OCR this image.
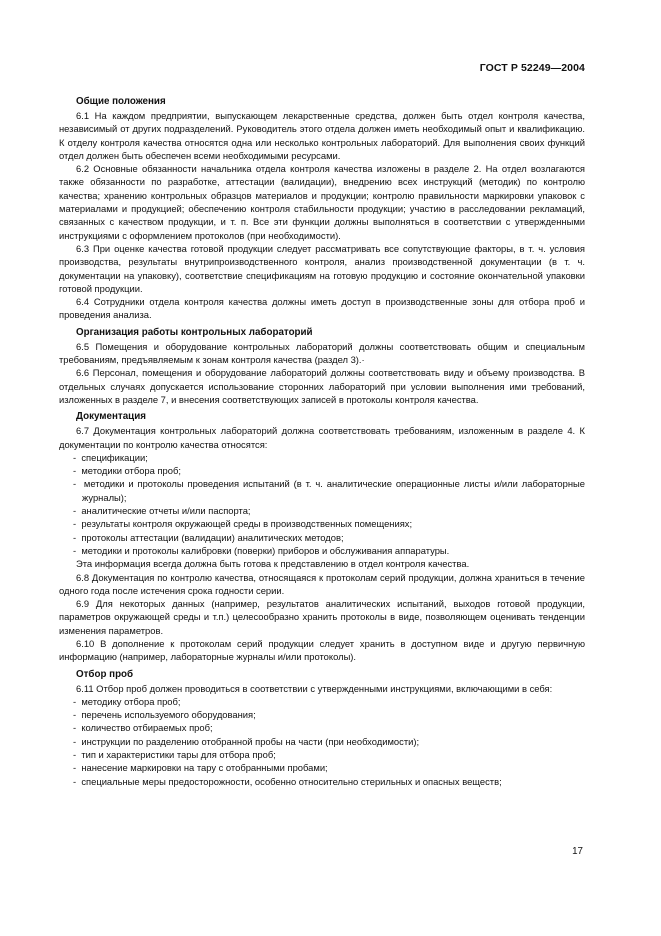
ГОСТ Р 52249—2004
Общие положения

6.1 На каждом предприятии, выпускающем лекарственные средства, должен быть отдел контроля качества, независимый от других подразделений. Руководитель этого отдела должен иметь необходимый опыт и квалификацию. К отделу контроля качества относятся одна или несколько контрольных лабораторий. Для выполнения своих функций отдел должен быть обеспечен всеми необходимыми ресурсами.

6.2 Основные обязанности начальника отдела контроля качества изложены в разделе 2. На отдел возлагаются также обязанности по разработке, аттестации (валидации), внедрению всех инструкций (методик) по контролю качества; хранению контрольных образцов материалов и продукции; контролю правильности маркировки упаковок с материалами и продукцией; обеспечению контроля стабильности продукции; участию в расследовании рекламаций, связанных с качеством продукции, и т. п. Все эти функции должны выполняться в соответствии с утвержденными инструкциями с оформлением протоколов (при необходимости).

6.3 При оценке качества готовой продукции следует рассматривать все сопутствующие факторы, в т. ч. условия производства, результаты внутрипроизводственного контроля, анализ производственной документации (в т. ч. документации на упаковку), соответствие спецификациям на готовую продукцию и состояние окончательной упаковки готовой продукции.

6.4 Сотрудники отдела контроля качества должны иметь доступ в производственные зоны для отбора проб и проведения анализа.

Организация работы контрольных лабораторий

6.5 Помещения и оборудование контрольных лабораторий должны соответствовать общим и специальным требованиям, предъявляемым к зонам контроля качества (раздел 3).·

6.6 Персонал, помещения и оборудование лабораторий должны соответствовать виду и объему производства. В отдельных случаях допускается использование сторонних лабораторий при условии выполнения ими требований, изложенных в разделе 7, и внесения соответствующих записей в протоколы контроля качества.

Документация

6.7 Документация контрольных лабораторий должна соответствовать требованиям, изложенным в разделе 4. К документации по контролю качества относятся:

-  спецификации;
-  методики отбора проб;
-  методики и протоколы проведения испытаний (в т. ч. аналитические операционные листы и/или лабораторные журналы);
-  аналитические отчеты и/или паспорта;
-  результаты контроля окружающей среды в производственных помещениях;
-  протоколы аттестации (валидации) аналитических методов;
-  методики и протоколы калибровки (поверки) приборов и обслуживания аппаратуры.

Эта информация всегда должна быть готова к представлению в отдел контроля качества.

6.8 Документация по контролю качества, относящаяся к протоколам серий продукции, должна храниться в течение одного года после истечения срока годности серии.

6.9 Для некоторых данных (например, результатов аналитических испытаний, выходов готовой продукции, параметров окружающей среды и т.п.) целесообразно хранить протоколы в виде, позволяющем оценивать тенденции изменения параметров.

6.10 В дополнение к протоколам серий продукции следует хранить в доступном виде и другую первичную информацию (например, лабораторные журналы и/или протоколы).

Отбор проб

6.11 Отбор проб должен проводиться в соответствии с утвержденными инструкциями, включающими в себя:

-  методику отбора проб;
-  перечень используемого оборудования;
-  количество отбираемых проб;
-  инструкции по разделению отобранной пробы на части (при необходимости);
-  тип и характеристики тары для отбора проб;
-  нанесение маркировки на тару с отобранными пробами;
-  специальные меры предосторожности, особенно относительно стерильных и опасных веществ;
17
